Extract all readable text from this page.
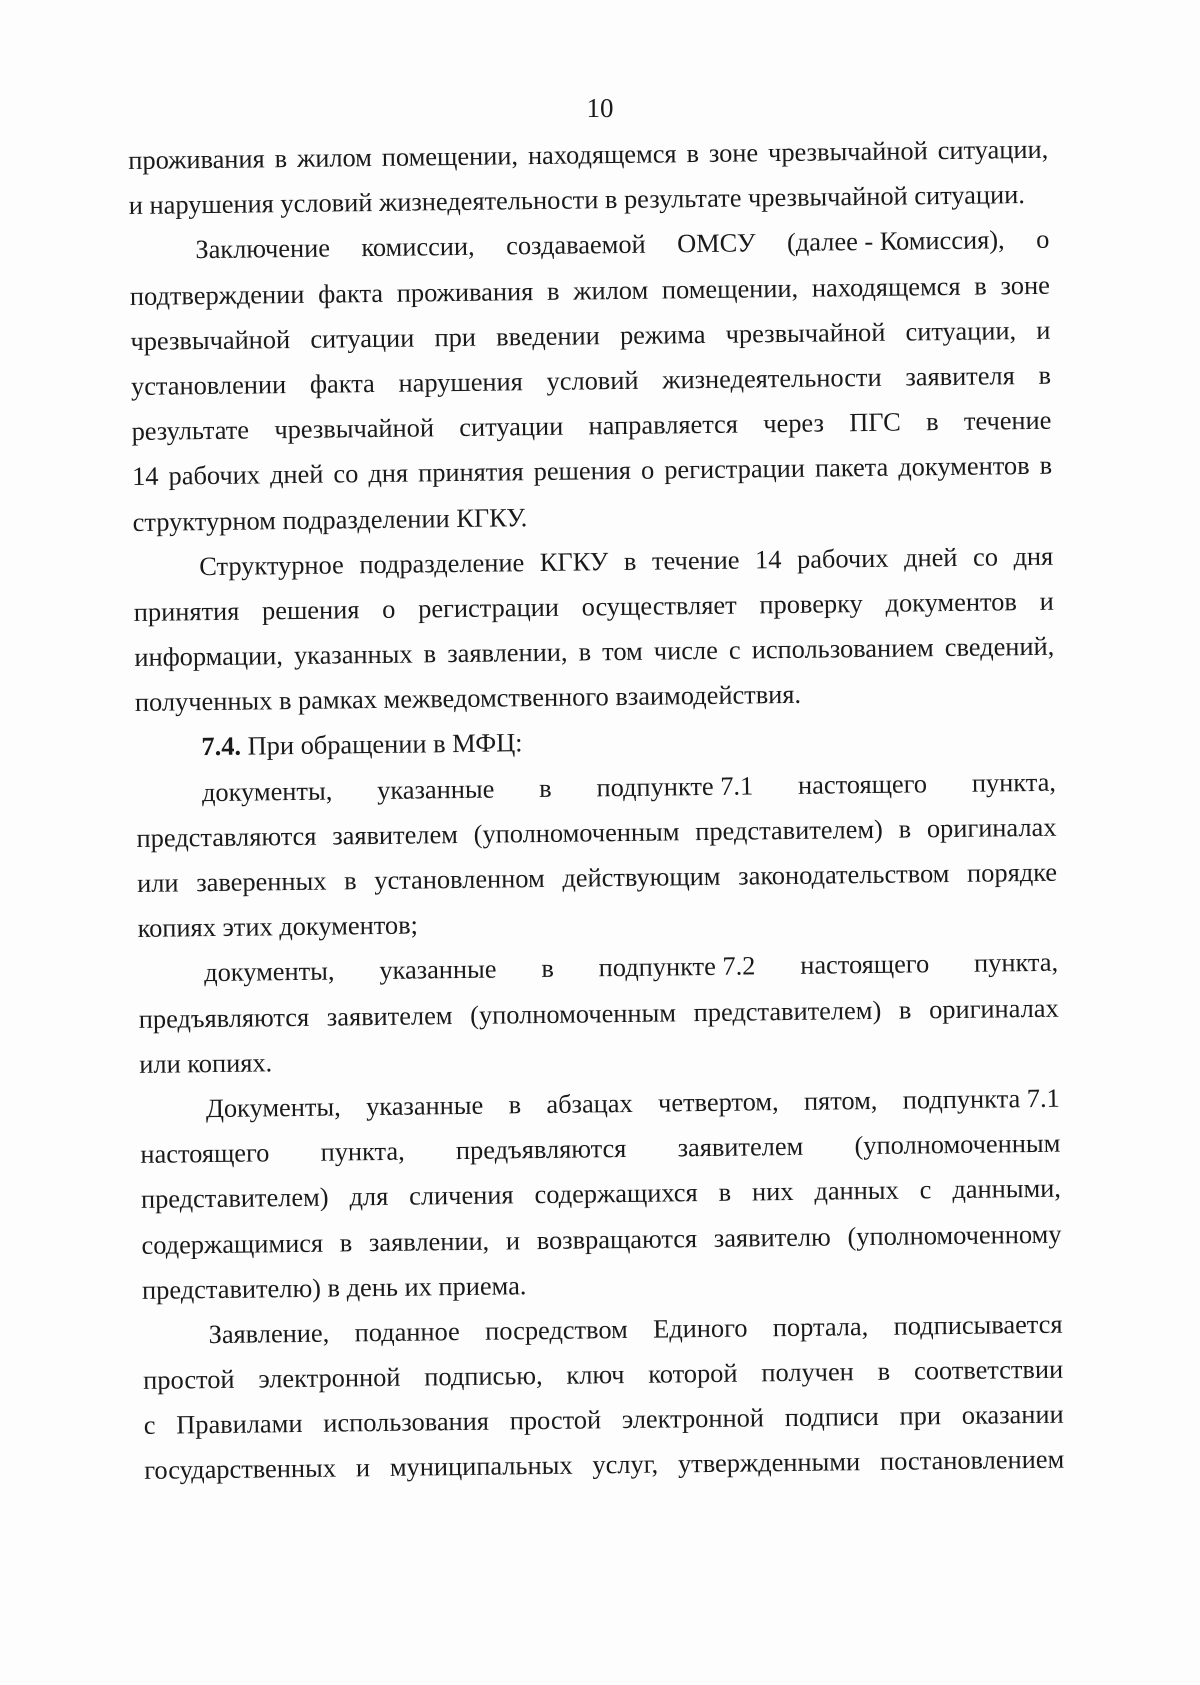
10
проживания в жилом помещении, находящемся в зоне чрезвычайной ситуации,
и нарушения условий жизнедеятельности в результате чрезвычайной ситуации.
Заключение комиссии, создаваемой ОМСУ (далее - Комиссия), о
подтверждении факта проживания в жилом помещении, находящемся в зоне
чрезвычайной ситуации при введении режима чрезвычайной ситуации, и
установлении факта нарушения условий жизнедеятельности заявителя в
результате чрезвычайной ситуации направляется через ПГС в течение
14 рабочих дней со дня принятия решения о регистрации пакета документов в
структурном подразделении КГКУ.
Структурное подразделение КГКУ в течение 14 рабочих дней со дня
принятия решения о регистрации осуществляет проверку документов и
информации, указанных в заявлении, в том числе с использованием сведений,
полученных в рамках межведомственного взаимодействия.
7.4. При обращении в МФЦ:
документы, указанные в подпункте 7.1 настоящего пункта,
представляются заявителем (уполномоченным представителем) в оригиналах
или заверенных в установленном действующим законодательством порядке
копиях этих документов;
документы, указанные в подпункте 7.2 настоящего пункта,
предъявляются заявителем (уполномоченным представителем) в оригиналах
или копиях.
Документы, указанные в абзацах четвертом, пятом, подпункта 7.1
настоящего пункта, предъявляются заявителем (уполномоченным
представителем) для сличения содержащихся в них данных с данными,
содержащимися в заявлении, и возвращаются заявителю (уполномоченному
представителю) в день их приема.
Заявление, поданное посредством Единого портала, подписывается
простой электронной подписью, ключ которой получен в соответствии
с Правилами использования простой электронной подписи при оказании
государственных и муниципальных услуг, утвержденными постановлением
